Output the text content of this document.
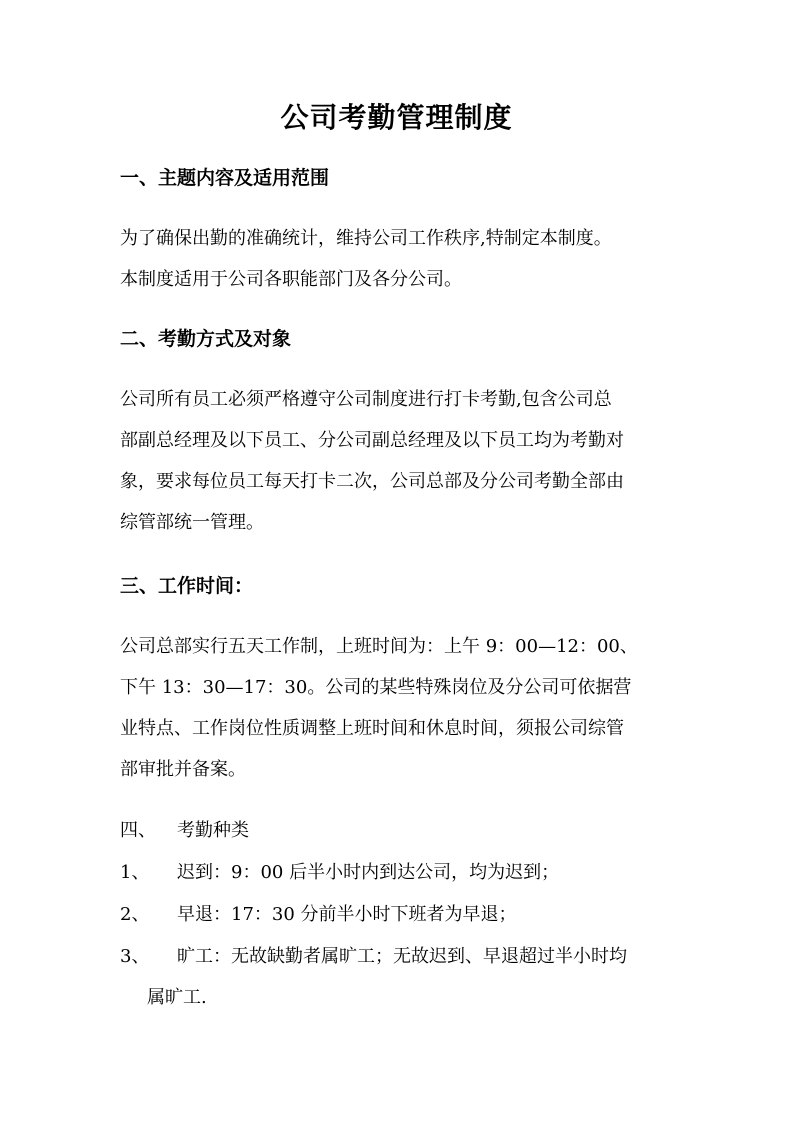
公司考勤管理制度
一、主题内容及适用范围
为了确保出勤的准确统计，维持公司工作秩序,特制定本制度。
本制度适用于公司各职能部门及各分公司。
二、考勤方式及对象
公司所有员工必须严格遵守公司制度进行打卡考勤,包含公司总
部副总经理及以下员工、分公司副总经理及以下员工均为考勤对
象，要求每位员工每天打卡二次，公司总部及分公司考勤全部由
综管部统一管理。
三、工作时间：
公司总部实行五天工作制，上班时间为：上午 9：00—12：00、
下午 13：30—17：30。公司的某些特殊岗位及分公司可依据营
业特点、工作岗位性质调整上班时间和休息时间，须报公司综管
部审批并备案。
四、 考勤种类
1、 迟到：9：00 后半小时内到达公司，均为迟到；
2、 早退：17：30 分前半小时下班者为早退；
3、 旷工：无故缺勤者属旷工；无故迟到、早退超过半小时均
属旷工.
